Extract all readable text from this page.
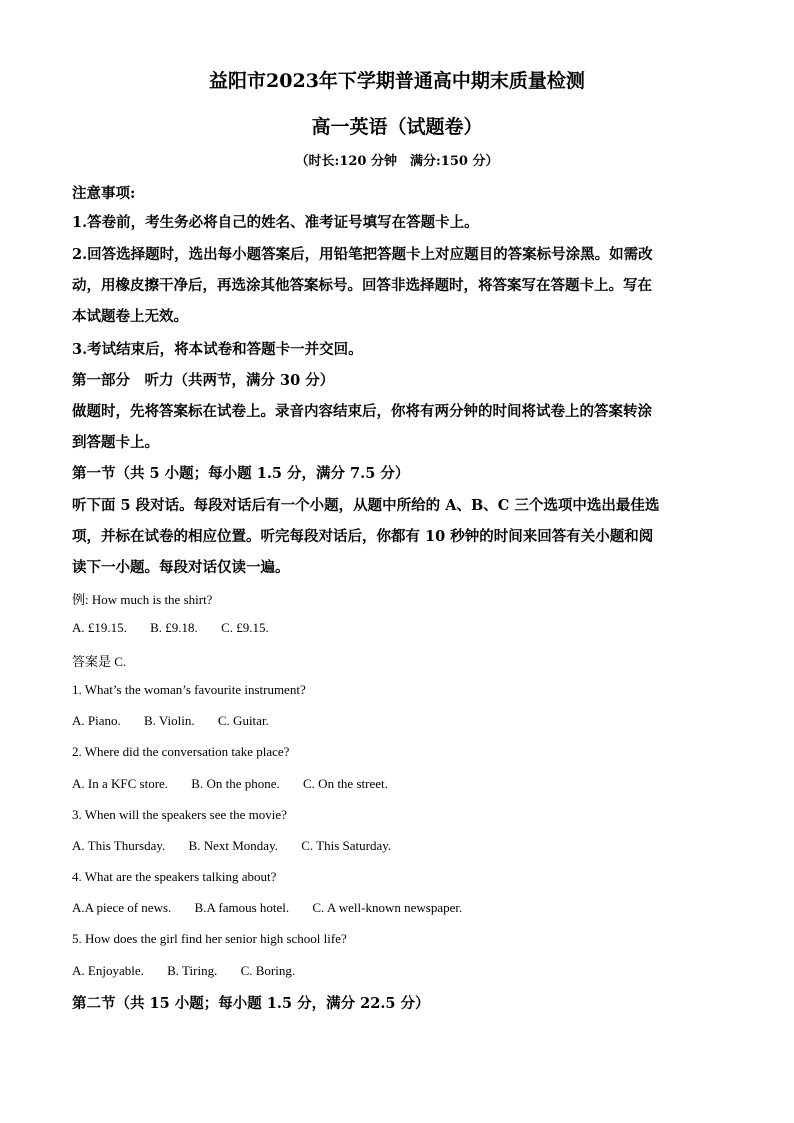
益阳市2023年下学期普通高中期末质量检测
高一英语（试题卷）
（时长:120 分钟　满分:150 分）
注意事项:
1.答卷前，考生务必将自己的姓名、准考证号填写在答题卡上。
2.回答选择题时，选出每小题答案后，用铅笔把答题卡上对应题目的答案标号涂黑。如需改
动，用橡皮擦干净后，再选涂其他答案标号。回答非选择题时，将答案写在答题卡上。写在
本试题卷上无效。
3.考试结束后，将本试卷和答题卡一并交回。
第一部分　听力（共两节，满分 30 分）
做题时，先将答案标在试卷上。录音内容结束后，你将有两分钟的时间将试卷上的答案转涂
到答题卡上。
第一节（共 5 小题；每小题 1.5 分，满分 7.5 分）
听下面 5 段对话。每段对话后有一个小题，从题中所给的 A、B、C 三个选项中选出最佳选
项，并标在试卷的相应位置。听完每段对话后，你都有 10 秒钟的时间来回答有关小题和阅
读下一小题。每段对话仅读一遍。
例: How much is the shirt?
A. £19.15. B. £9.18. C. £9.15.
答案是 C.
1. What’s the woman’s favourite instrument?
A. Piano. B. Violin. C. Guitar.
2. Where did the conversation take place?
A. In a KFC store. B. On the phone. C. On the street.
3. When will the speakers see the movie?
A. This Thursday. B. Next Monday. C. This Saturday.
4. What are the speakers talking about?
A.A piece of news. B.A famous hotel. C. A well-known newspaper.
5. How does the girl find her senior high school life?
A. Enjoyable. B. Tiring. C. Boring.
第二节（共 15 小题；每小题 1.5 分，满分 22.5 分）
